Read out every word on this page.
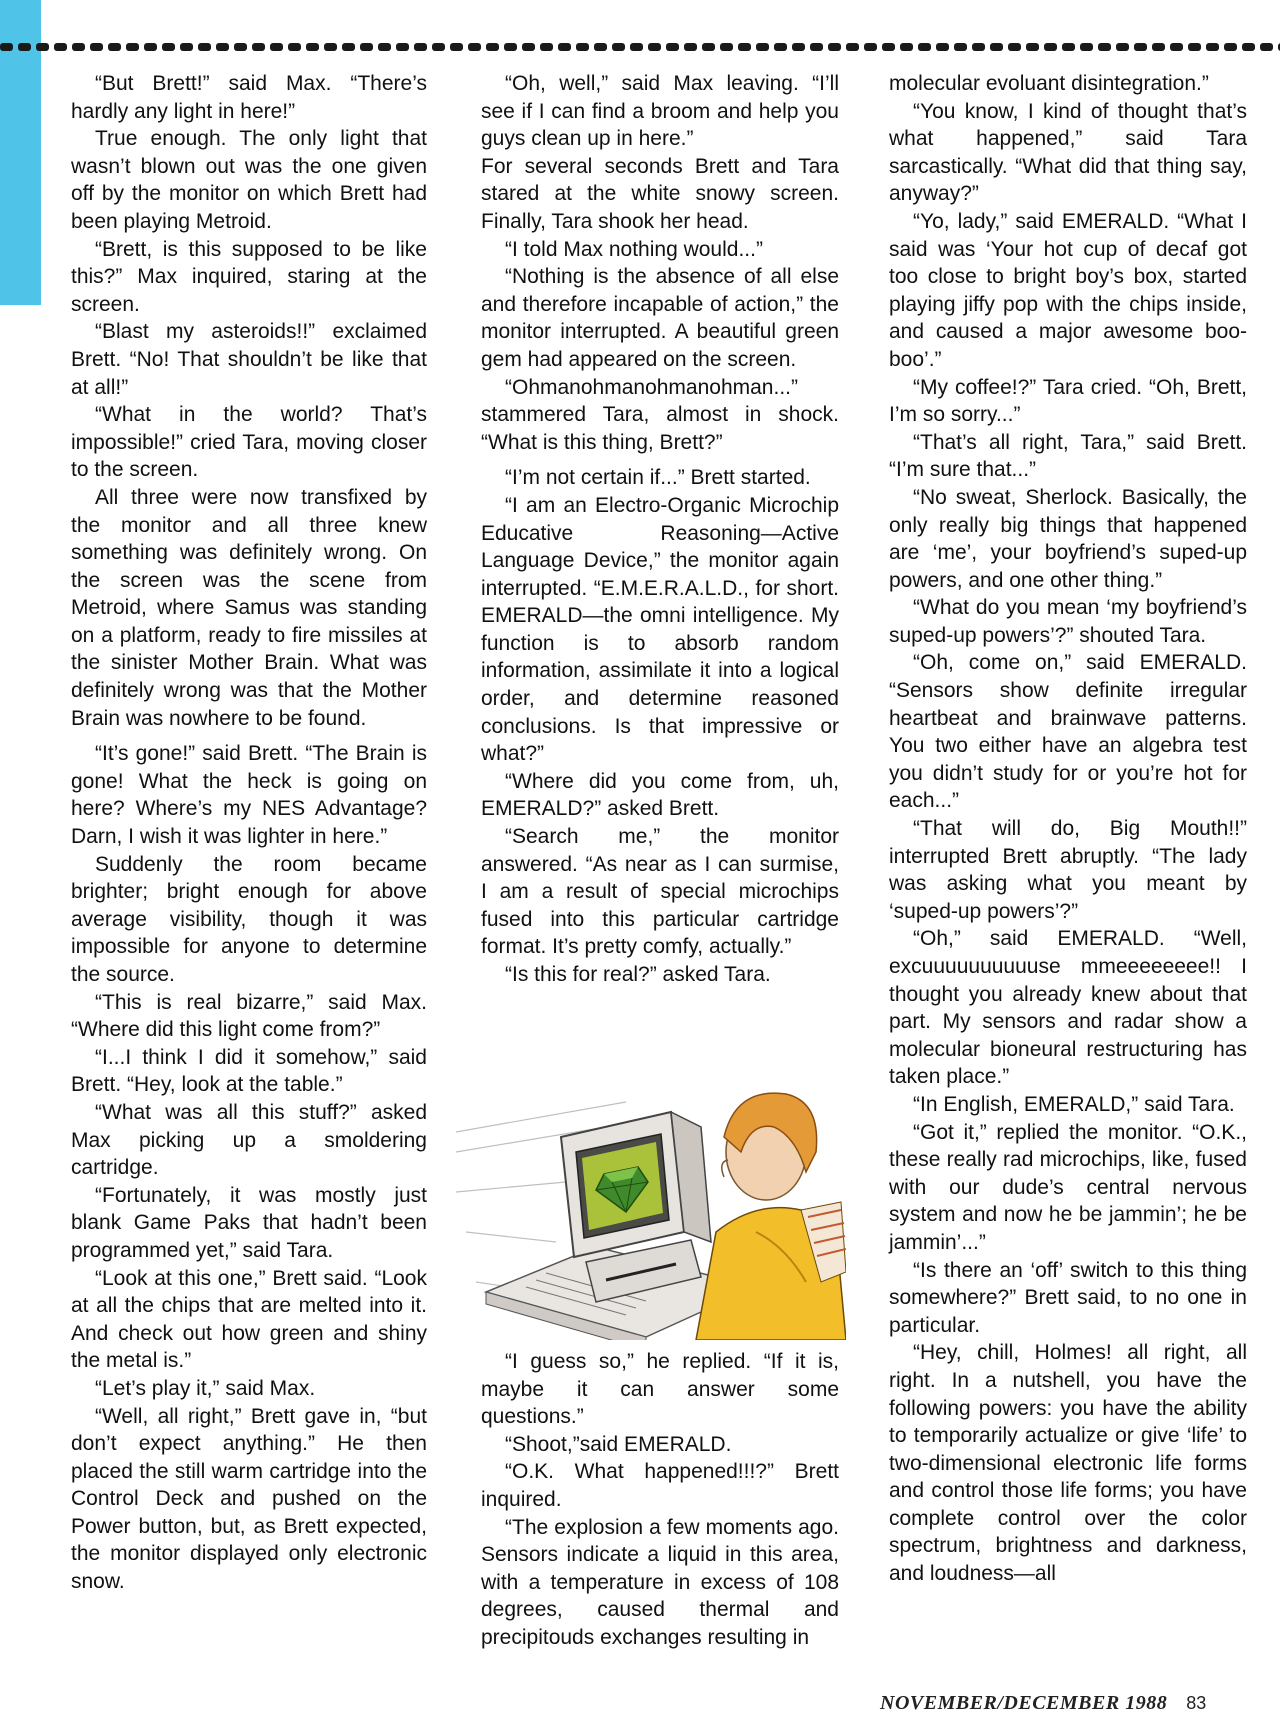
“But Brett!” said Max. “There’s hardly any light in here!”

True enough. The only light that wasn’t blown out was the one given off by the monitor on which Brett had been playing Metroid.

“Brett, is this supposed to be like this?” Max inquired, staring at the screen.

“Blast my asteroids!!” exclaimed Brett. “No! That shouldn’t be like that at all!”

“What in the world? That’s impossible!” cried Tara, moving closer to the screen.

All three were now transfixed by the monitor and all three knew something was definitely wrong. On the screen was the scene from Metroid, where Samus was standing on a platform, ready to fire missiles at the sinister Mother Brain. What was definitely wrong was that the Mother Brain was nowhere to be found.

“It’s gone!” said Brett. “The Brain is gone! What the heck is going on here? Where’s my NES Advantage? Darn, I wish it was lighter in here.”

Suddenly the room became brighter; bright enough for above average visibility, though it was impossible for anyone to determine the source.

“This is real bizarre,” said Max. “Where did this light come from?”

“I...I think I did it somehow,” said Brett. “Hey, look at the table.”

“What was all this stuff?” asked Max picking up a smoldering cartridge.

“Fortunately, it was mostly just blank Game Paks that hadn’t been programmed yet,” said Tara.

“Look at this one,” Brett said. “Look at all the chips that are melted into it. And check out how green and shiny the metal is.”

“Let’s play it,” said Max.

“Well, all right,” Brett gave in, “but don’t expect anything.” He then placed the still warm cartridge into the Control Deck and pushed on the Power button, but, as Brett expected, the monitor displayed only electronic snow.

“Oh, well,” said Max leaving. “I’ll see if I can find a broom and help you guys clean up in here.”

For several seconds Brett and Tara stared at the white snowy screen. Finally, Tara shook her head.

“I told Max nothing would...”

“Nothing is the absence of all else and therefore incapable of action,” the monitor interrupted. A beautiful green gem had appeared on the screen.

“Ohmanohmanohmanohman...” stammered Tara, almost in shock. “What is this thing, Brett?”

“I’m not certain if...” Brett started.

“I am an Electro-Organic Microchip Educative Reasoning—Active Language Device,” the monitor again interrupted. “E.M.E.R.A.L.D., for short. EMERALD—the omni intelligence. My function is to absorb random information, assimilate it into a logical order, and determine reasoned conclusions. Is that impressive or what?”

“Where did you come from, uh, EMERALD?” asked Brett.

“Search me,” the monitor answered. “As near as I can surmise, I am a result of special microchips fused into this particular cartridge format. It’s pretty comfy, actually.”

“Is this for real?” asked Tara.

“I guess so,” he replied. “If it is, maybe it can answer some questions.”

“Shoot,”said EMERALD.

“O.K. What happened!!!?” Brett inquired.

“The explosion a few moments ago. Sensors indicate a liquid in this area, with a temperature in excess of 108 degrees, caused thermal and precipitouds exchanges resulting in

molecular evoluant disintegration.”

“You know, I kind of thought that’s what happened,” said Tara sarcastically. “What did that thing say, anyway?”

“Yo, lady,” said EMERALD. “What I said was ‘Your hot cup of decaf got too close to bright boy’s box, started playing jiffy pop with the chips inside, and caused a major awesome boo-boo’.”

“My coffee!?” Tara cried. “Oh, Brett, I’m so sorry...”

“That’s all right, Tara,” said Brett. “I’m sure that...”

“No sweat, Sherlock. Basically, the only really big things that happened are ‘me’, your boyfriend’s suped-up powers, and one other thing.”

“What do you mean ‘my boyfriend’s suped-up powers’?” shouted Tara.

“Oh, come on,” said EMERALD. “Sensors show definite irregular heartbeat and brainwave patterns. You two either have an algebra test you didn’t study for or you’re hot for each...”

“That will do, Big Mouth!!” interrupted Brett abruptly. “The lady was asking what you meant by ‘suped-up powers’?”

“Oh,” said EMERALD. “Well, excuuuuuuuuuuse mmeeeeeeee!! I thought you already knew about that part. My sensors and radar show a molecular bioneural restructuring has taken place.”

“In English, EMERALD,” said Tara.

“Got it,” replied the monitor. “O.K., these really rad microchips, like, fused with our dude’s central nervous system and now he be jammin’; he be jammin’...”

“Is there an ‘off’ switch to this thing somewhere?” Brett said, to no one in particular.

“Hey, chill, Holmes! all right, all right. In a nutshell, you have the following powers: you have the ability to temporarily actualize or give ‘life’ to two-dimensional electronic life forms and control those life forms; you have complete control over the color spectrum, brightness and darkness, and loudness—all

NOVEMBER/DECEMBER 1988 83
